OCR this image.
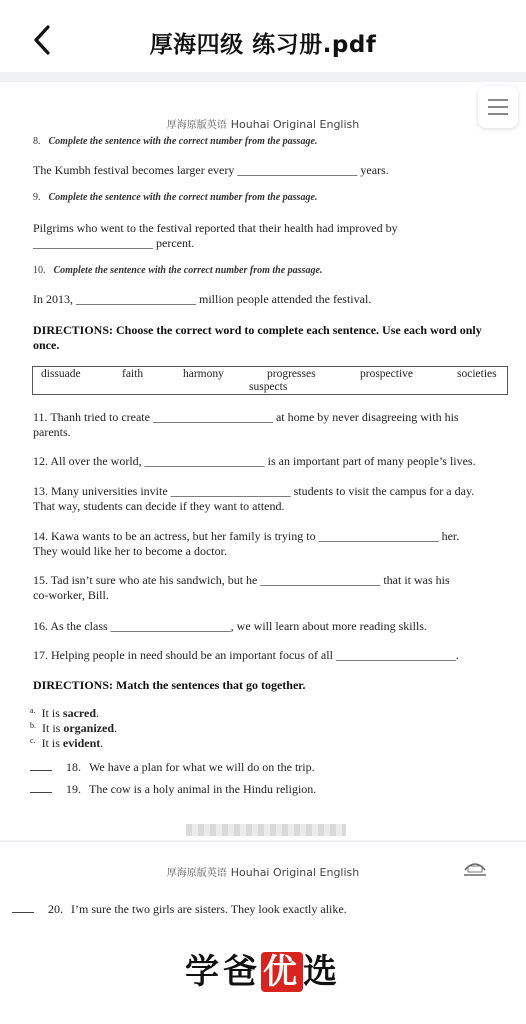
厚海四级 练习册.pdf
厚海原版英语 Houhai Original English
8. Complete the sentence with the correct number from the passage.
The Kumbh festival becomes larger every ____________________ years.
9. Complete the sentence with the correct number from the passage.
Pilgrims who went to the festival reported that their health had improved by
____________________ percent.
10. Complete the sentence with the correct number from the passage.
In 2013, ____________________ million people attended the festival.
DIRECTIONS: Choose the correct word to complete each sentence. Use each word only once.
dissuade	faith	harmony	progresses	prospective	societies
suspects
11. Thanh tried to create ____________________ at home by never disagreeing with his
parents.
12. All over the world, ____________________ is an important part of many people’s lives.
13. Many universities invite ____________________ students to visit the campus for a day.
That way, students can decide if they want to attend.
14. Kawa wants to be an actress, but her family is trying to ____________________ her.
They would like her to become a doctor.
15. Tad isn’t sure who ate his sandwich, but he ____________________ that it was his
co-worker, Bill.
16. As the class ____________________, we will learn about more reading skills.
17. Helping people in need should be an important focus of all ____________________.
DIRECTIONS: Match the sentences that go together.
$^{a.}$ It is sacred.
$^{b.}$ It is organized.
$^{c.}$ It is evident.
18. We have a plan for what we will do on the trip.
19. The cow is a holy animal in the Hindu religion.
厚海原版英语 Houhai Original English
20. I’m sure the two girls are sisters. They look exactly alike.
学爸优选
